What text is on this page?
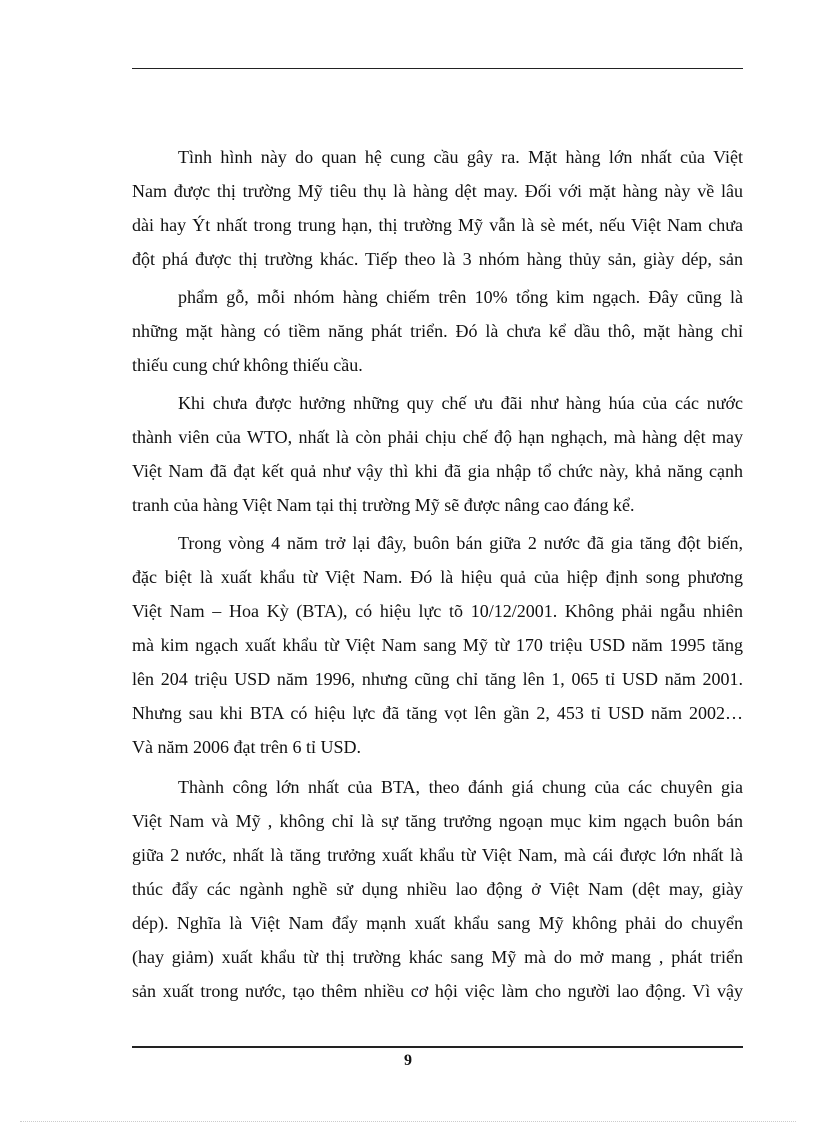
Tình hình này do quan hệ cung cầu gây ra. Mặt hàng lớn nhất của Việt
Nam được thị trường Mỹ tiêu thụ là hàng dệt may. Đối với mặt hàng này về lâu
dài hay Ýt nhất trong trung hạn, thị trường Mỹ vẫn là sè mét, nếu Việt Nam chưa
đột phá được thị trường khác. Tiếp theo là 3 nhóm hàng thủy sản, giày dép, sản
phẩm gỗ, mỗi nhóm hàng chiếm trên 10% tổng kim ngạch. Đây cũng là
những mặt hàng có tiềm năng phát triển. Đó là chưa kể dầu thô, mặt hàng chỉ
thiếu cung chứ không thiếu cầu.
Khi chưa được hưởng những quy chế ưu đãi như hàng húa của các nước
thành viên của WTO, nhất là còn phải chịu chế độ hạn nghạch, mà hàng dệt may
Việt Nam đã đạt kết quả như vậy thì khi đã gia nhập tổ chức này, khả năng cạnh
tranh của hàng Việt Nam tại thị trường Mỹ sẽ được nâng cao đáng kể.
Trong vòng 4 năm trở lại đây, buôn bán giữa 2 nước đã gia tăng đột biến,
đặc biệt là xuất khẩu từ Việt Nam. Đó là hiệu quả của hiệp định song phương
Việt Nam – Hoa Kỳ (BTA), có hiệu lực tõ 10/12/2001. Không phải ngẫu nhiên
mà kim ngạch xuất khẩu từ Việt Nam sang Mỹ từ 170 triệu USD năm 1995 tăng
lên 204 triệu USD năm 1996, nhưng cũng chỉ tăng lên 1, 065 tỉ USD năm 2001.
Nhưng sau khi BTA có hiệu lực đã tăng vọt lên gần 2, 453 tỉ USD năm 2002…
Và năm 2006 đạt trên 6 tỉ USD.
Thành công lớn nhất của BTA, theo đánh giá chung của các chuyên gia
Việt Nam và Mỹ , không chỉ là sự tăng trưởng ngoạn mục kim ngạch buôn bán
giữa 2 nước, nhất là tăng trưởng xuất khẩu từ Việt Nam, mà cái được lớn nhất là
thúc đẩy các ngành nghề sử dụng nhiều lao động ở Việt Nam (dệt may, giày
dép). Nghĩa là Việt Nam đẩy mạnh xuất khẩu sang Mỹ không phải do chuyển
(hay giảm) xuất khẩu từ thị trường khác sang Mỹ mà do mở mang , phát triển
sản xuất trong nước, tạo thêm nhiều cơ hội việc làm cho người lao động. Vì vậy
9
